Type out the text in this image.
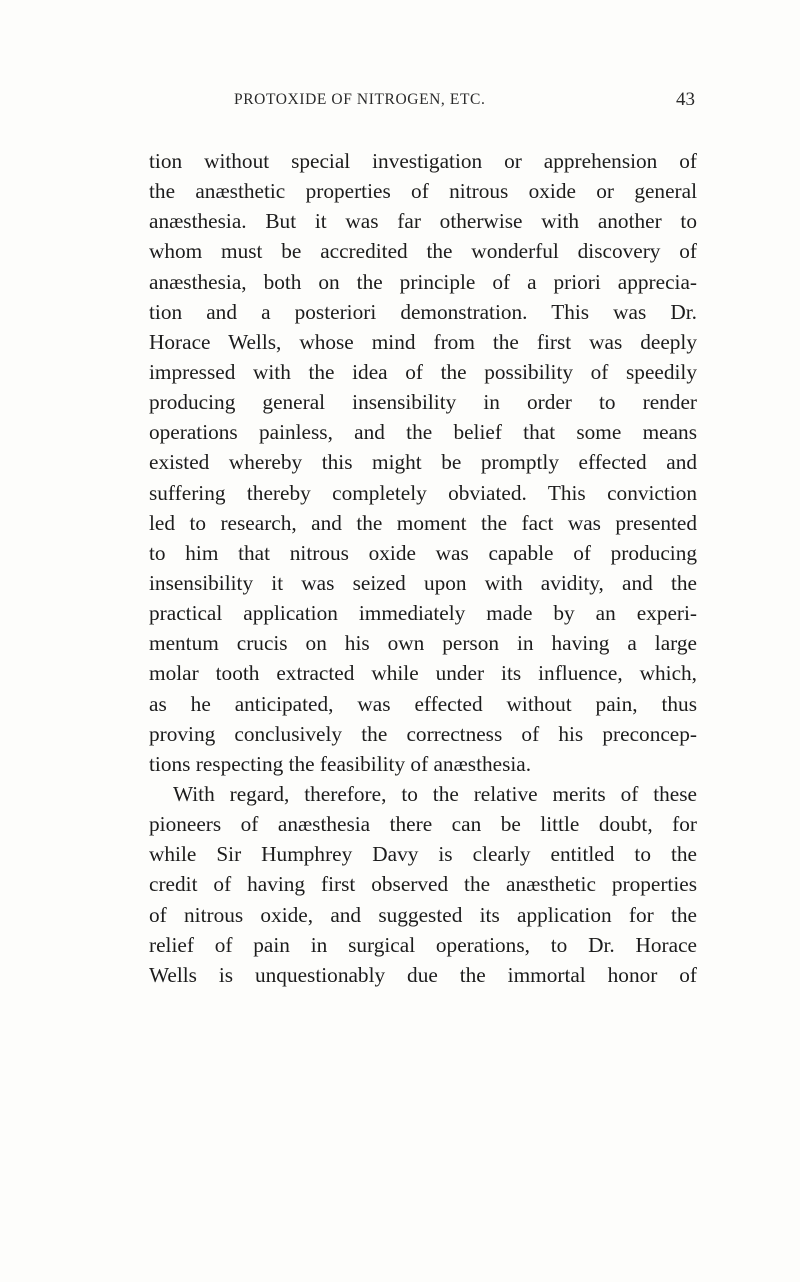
PROTOXIDE OF NITROGEN, ETC.	43
tion without special investigation or apprehension of
the anæsthetic properties of nitrous oxide or general
anæsthesia. But it was far otherwise with another to
whom must be accredited the wonderful discovery of
anæsthesia, both on the principle of a priori apprecia-
tion and a posteriori demonstration. This was Dr.
Horace Wells, whose mind from the first was deeply
impressed with the idea of the possibility of speedily
producing general insensibility in order to render
operations painless, and the belief that some means
existed whereby this might be promptly effected and
suffering thereby completely obviated. This conviction
led to research, and the moment the fact was presented
to him that nitrous oxide was capable of producing
insensibility it was seized upon with avidity, and the
practical application immediately made by an experi-
mentum crucis on his own person in having a large
molar tooth extracted while under its influence, which,
as he anticipated, was effected without pain, thus
proving conclusively the correctness of his preconcep-
tions respecting the feasibility of anæsthesia.
With regard, therefore, to the relative merits of these
pioneers of anæsthesia there can be little doubt, for
while Sir Humphrey Davy is clearly entitled to the
credit of having first observed the anæsthetic properties
of nitrous oxide, and suggested its application for the
relief of pain in surgical operations, to Dr. Horace
Wells is unquestionably due the immortal honor of
